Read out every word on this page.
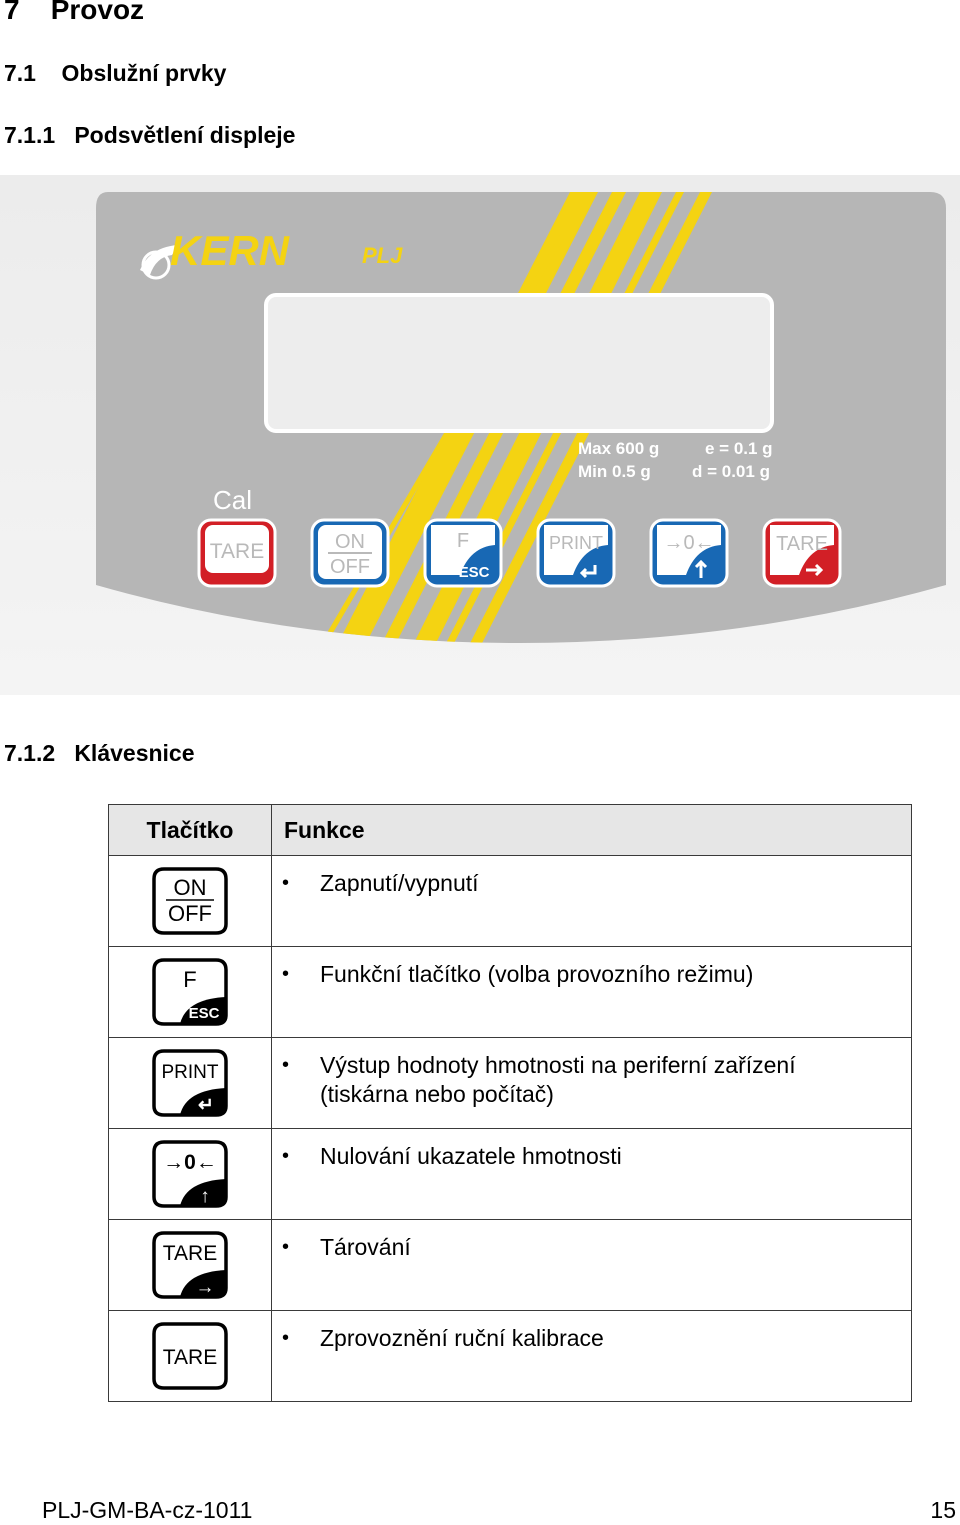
7    Provoz
7.1    Obslužní prvky
7.1.1   Podsvětlení displeje
KERN	PLJ
Max 600 g
Min 0.5 g
e = 0.1 g
d = 0.01 g
Cal
TARE	ON
OFF
F
ESC
PRINT	→0←	TARE
7.1.2   Klávesnice
Tlačítko	Funkce

ON
OFF	• Zapnutí/vypnutí

F
ESC	• Funkční tlačítko (volba provozního režimu)

PRINT
↵	• Výstup hodnoty hmotnosti na periferní zařízení
(tiskárna nebo počítač)

→0←
↑	• Nulování ukazatele hmotnosti

TARE
→	• Tárování

TARE	• Zprovoznění ruční kalibrace
PLJ-GM-BA-cz-1011	15
